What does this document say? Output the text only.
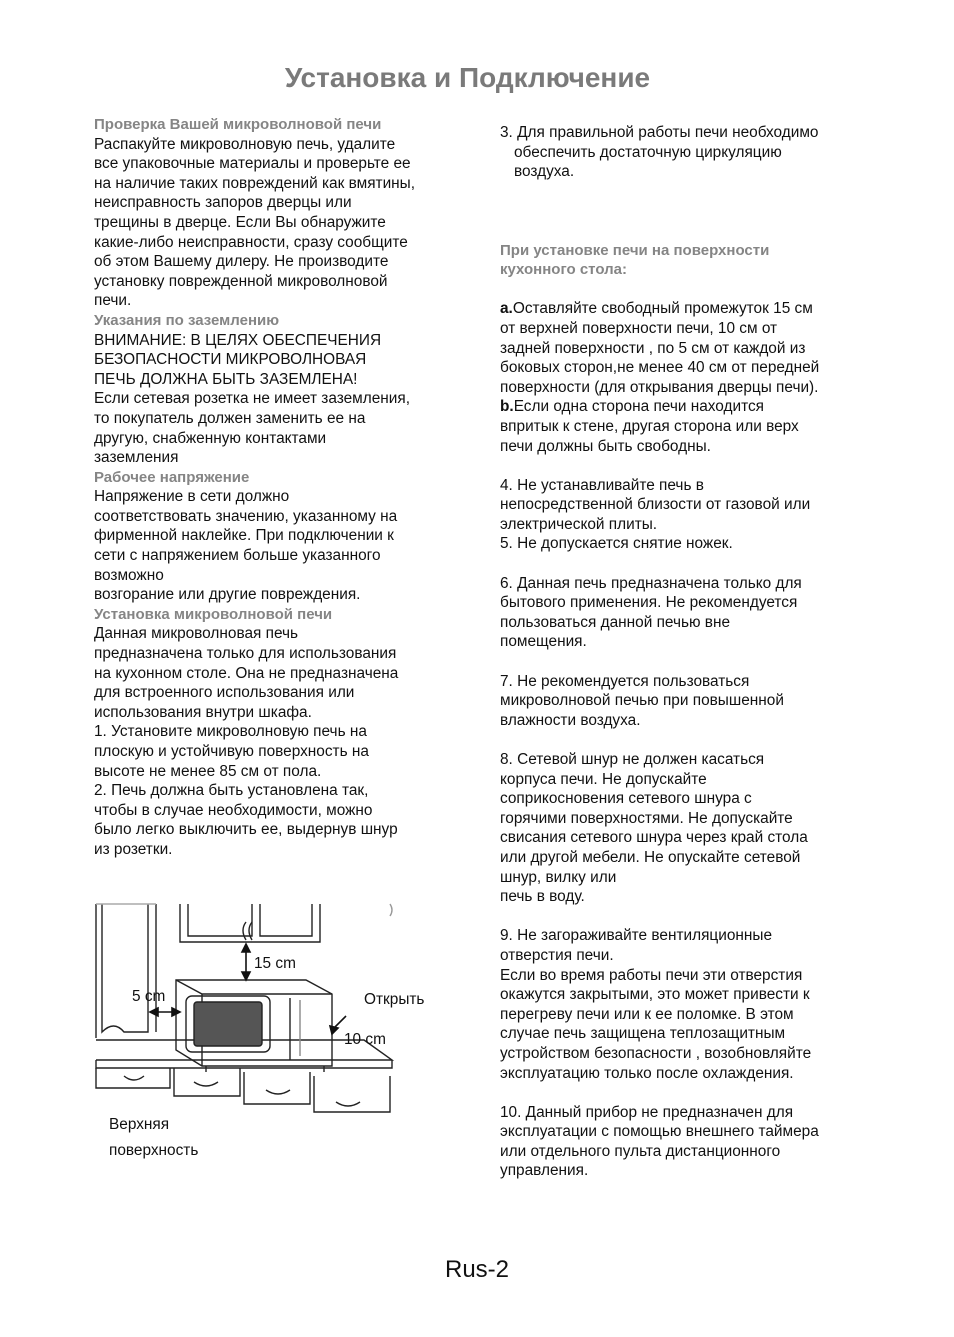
Установка и Подключение
Проверка Вашей микроволновой печи
Распакуйте микроволновую печь, удалите
все упаковочные материалы и проверьте ее
на наличие таких повреждений как вмятины,
неисправность запоров дверцы или
трещины в дверце. Если Вы обнаружите
какие-либо неисправности, сразу сообщите
об этом Вашему дилеру. Не производите
установку поврежденной микроволновой
печи.
Указания по заземлению
ВНИМАНИЕ: В ЦЕЛЯХ ОБЕСПЕЧЕНИЯ
БЕЗОПАСНОСТИ МИКРОВОЛНОВАЯ
ПЕЧЬ ДОЛЖНА БЫТЬ ЗАЗЕМЛЕНА!
Если сетевая розетка не имеет заземления,
то покупатель должен заменить ее на
другую, снабженную контактами
заземления
Рабочее напряжение
Напряжение в сети должно
соответствовать значению, указанному на
фирменной наклейке. При подключении к
сети с напряжением больше указанного
возможно
возгорание или другие повреждения.
Установка микроволновой печи
Данная микроволновая печь
предназначена только для использования
на кухонном столе. Она не предназначена
для встроенного использования или
использования внутри шкафа.
1. Установите микроволновую печь на
плоскую и устойчивую поверхность на
высоте не менее 85 см от пола.
2. Печь должна быть установлена так,
чтобы в случае необходимости, можно
было легко выключить ее, выдернув шнур
из розетки.
15 cm
5 cm
10 cm
Открыть
Верхняя
поверхность
3. Для правильной работы печи необходимо
обеспечить достаточную циркуляцию
воздуха.
При установке печи на поверхности
кухонного стола:
a.Оставляйте свободный промежуток 15 см
от верхней поверхности печи, 10 см от
задней поверхности , по 5 см от каждой из
боковых сторон,не менее 40 см от передней
поверхности (для открывания дверцы печи).
b.Если одна сторона печи находится
впритык к стене, другая сторона или верх
печи должны быть свободны.
4. Не устанавливайте печь в
непосредственной близости от газовой или
электрической плиты.
5. Не допускается снятие ножек.
6. Данная печь предназначена только для
бытового применения. Не рекомендуется
пользоваться данной печью вне
помещения.
7. Не рекомендуется пользоваться
микроволновой печью при повышенной
влажности воздуха.
8. Сетевой шнур не должен касаться
корпуса печи. Не допускайте
соприкосновения сетевого шнура с
горячими поверхностями. Не допускайте
свисания сетевого шнура через край стола
или другой мебели. Не опускайте сетевой
шнур, вилку или
печь в воду.
9. Не загораживайте вентиляционные
отверстия печи.
Если во время работы печи эти отверстия
окажутся закрытыми, это может привести к
перегреву печи или к ее поломке. В этом
случае печь защищена теплозащитным
устройством безопасности , возобновляйте
эксплуатацию только после охлаждения.
10. Данный прибор не предназначен для
эксплуатации с помощью внешнего таймера
или отдельного пульта дистанционного
управления.
Rus-2
